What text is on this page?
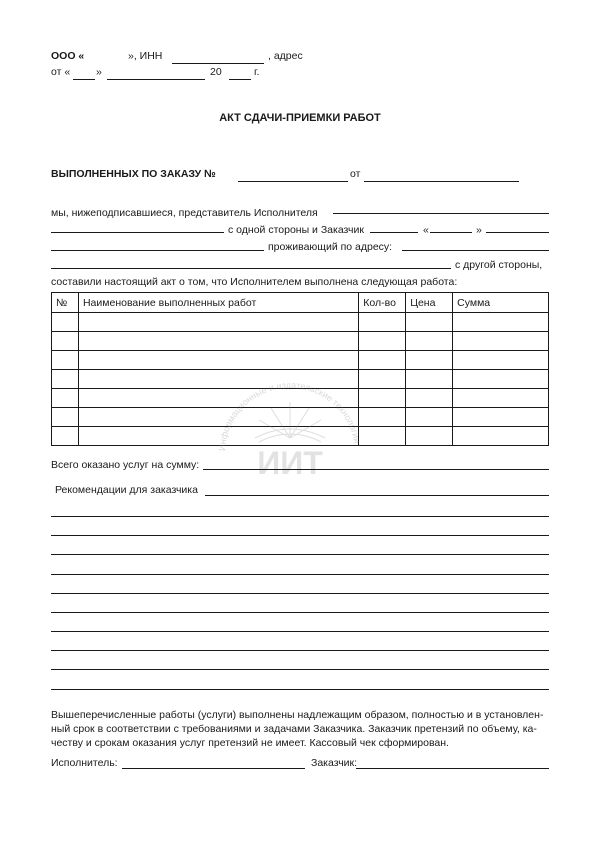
ООО «	», ИНН	, адрес
от « »	20	г.
АКТ СДАЧИ-ПРИЕМКИ РАБОТ
ВЫПОЛНЕННЫХ ПО ЗАКАЗУ №	от
мы, нижеподписавшиеся, представитель Исполнителя
с одной стороны и Заказчик	«	»
проживающий по адресу:
с другой стороны,
составили настоящий акт о том, что Исполнителем выполнена следующая работа:
№	Наименование выполненных работ	Кол-во	Цена	Сумма

Информационные и издательские технологии
ИИТ
Всего оказано услуг на сумму:
Рекомендации для заказчика
Вышеперечисленные работы (услуги) выполнены надлежащим образом, полностью и в установлен-
ный срок в соответствии с требованиями и задачами Заказчика. Заказчик претензий по объему, ка-
честву и срокам оказания услуг претензий не имеет. Кассовый чек сформирован.
Исполнитель:	Заказчик:
